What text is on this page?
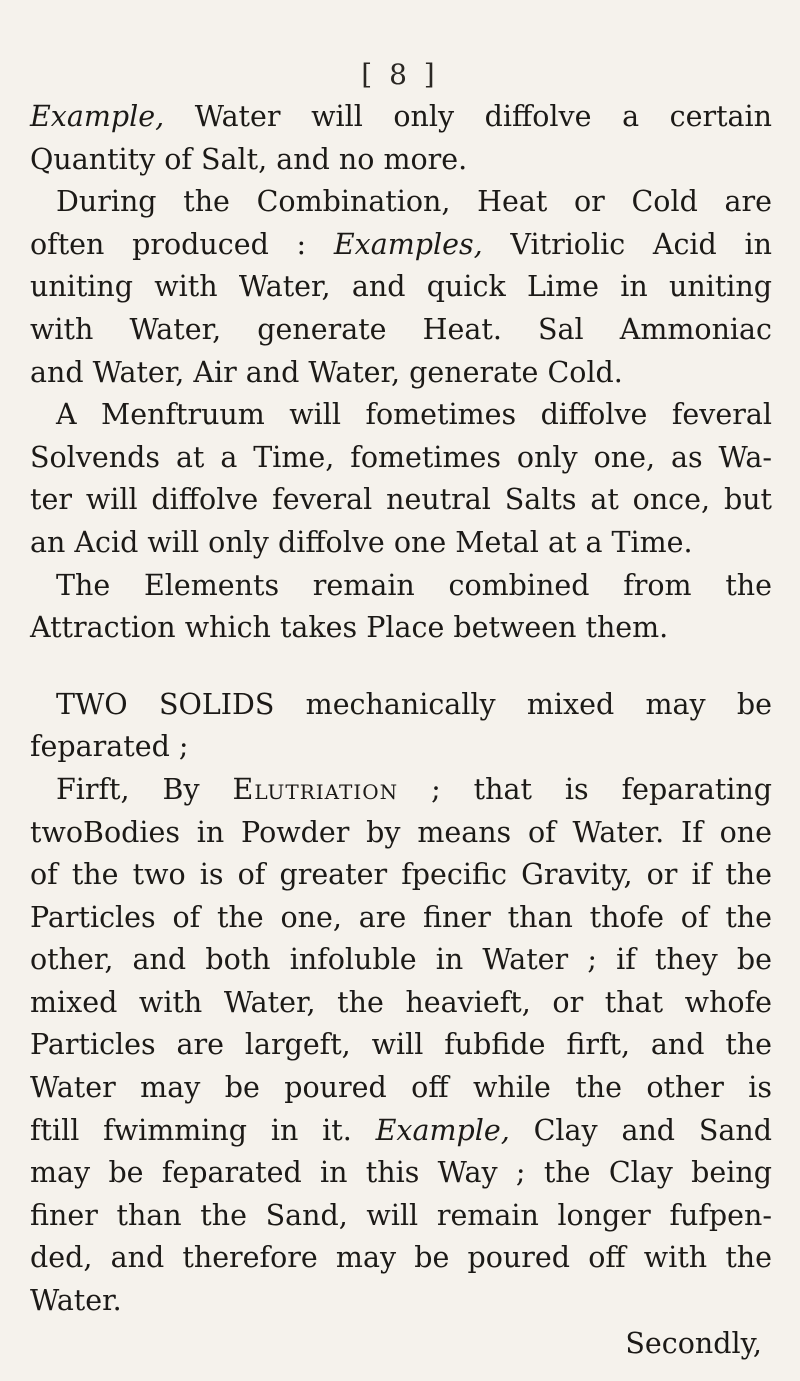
[ 8 ]
Example, Water will only diffolve a certain
Quantity of Salt, and no more.
During the Combination, Heat or Cold are
often produced : Examples, Vitriolic Acid in
uniting with Water, and quick Lime in uniting
with Water, generate Heat. Sal Ammoniac
and Water, Air and Water, generate Cold.
A Menftruum will fometimes diffolve feveral
Solvends at a Time, fometimes only one, as Wa-
ter will diffolve feveral neutral Salts at once, but
an Acid will only diffolve one Metal at a Time.
The Elements remain combined from the
Attraction which takes Place between them.
TWO SOLIDS mechanically mixed may be
feparated ;
Firft, By Elutriation ; that is feparating
twoBodies in Powder by means of Water. If one
of the two is of greater fpecific Gravity, or if the
Particles of the one, are finer than thofe of the
other, and both infoluble in Water ; if they be
mixed with Water, the heavieft, or that whofe
Particles are largeft, will fubfide firft, and the
Water may be poured off while the other is
ftill fwimming in it. Example, Clay and Sand
may be feparated in this Way ; the Clay being
finer than the Sand, will remain longer fufpen-
ded, and therefore may be poured off with the
Water.
Secondly,
